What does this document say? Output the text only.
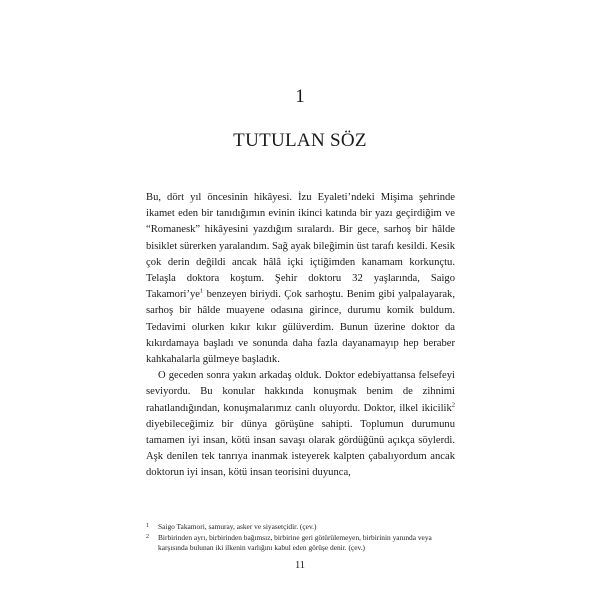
1
TUTULAN SÖZ

Bu, dört yıl öncesinin hikâyesi. İzu Eyaleti’ndeki Mişima şehrinde ikamet eden bir tanıdığımın evinin ikinci katında bir yazı geçirdiğim ve “Romanesk” hikâyesini yazdığım sıralardı. Bir gece, sarhoş bir hâlde bisiklet sürerken yaralandım. Sağ ayak bileğimin üst tarafı kesildi. Kesik çok derin değildi ancak hâlâ içki içtiğimden kanamam korkunçtu. Telaşla doktora koştum. Şehir doktoru 32 yaşlarında, Saigo Takamori’ye$^1$ benzeyen biriydi. Çok sarhoştu. Benim gibi yalpalayarak, sarhoş bir hâlde muayene odasına girince, durumu komik buldum. Tedavimi olurken kıkır kıkır gülüverdim. Bunun üzerine doktor da kıkırdamaya başladı ve sonunda daha fazla dayanamayıp hep beraber kahkahalarla gülmeye başladık.

O geceden sonra yakın arkadaş olduk. Doktor edebiyattansa felsefeyi seviyordu. Bu konular hakkında konuşmak benim de zihnimi rahatlandığından, konuşmalarımız canlı oluyordu. Doktor, ilkel ikicilik$^2$ diyebileceğimiz bir dünya görüşüne sahipti. Toplumun durumunu tamamen iyi insan, kötü insan savaşı olarak gördüğünü açıkça söylerdi. Aşk denilen tek tanrıya inanmak isteyerek kalpten çabalıyordum ancak doktorun iyi insan, kötü insan teorisini duyunca,

1 Saigo Takamori, samuray, asker ve siyasetçidir. (çev.)
2 Birbirinden ayrı, birbirinden bağımsız, birbirine geri götürülemeyen, birbirinin yanında veya karşısında bulunan iki ilkenin varlığını kabul eden görüşe denir. (çev.)
11
